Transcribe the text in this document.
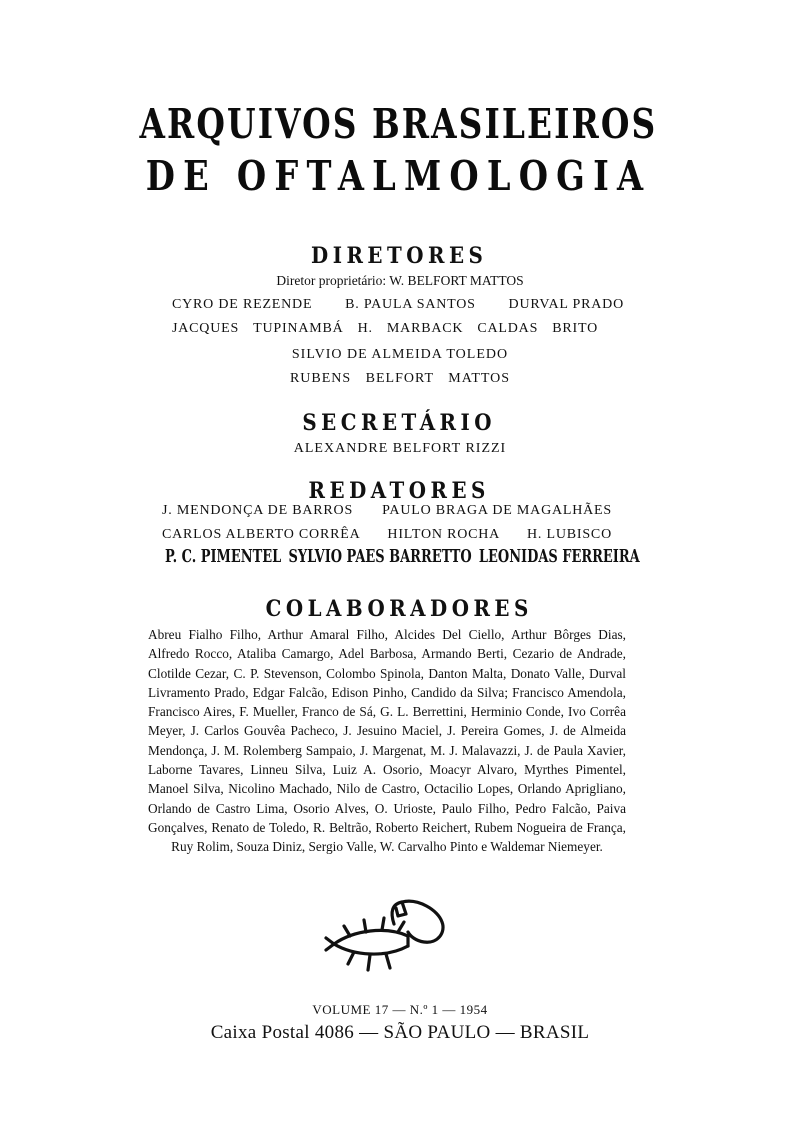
ARQUIVOS BRASILEIROS
DE OFTALMOLOGIA
DIRETORES
Diretor proprietário: W. BELFORT MATTOS
CYRO DE REZENDE B. PAULA SANTOS DURVAL PRADO
JACQUES TUPINAMBÁ H. MARBACK CALDAS BRITO
SILVIO DE ALMEIDA TOLEDO
RUBENS BELFORT MATTOS
SECRETÁRIO
ALEXANDRE BELFORT RIZZI
REDATORES
J. MENDONÇA DE BARROS PAULO BRAGA DE MAGALHÃES
CARLOS ALBERTO CORRÊA HILTON ROCHA H. LUBISCO
P. C. PIMENTEL SYLVIO PAES BARRETTO LEONIDAS FERREIRA
COLABORADORES
Abreu Fialho Filho, Arthur Amaral Filho, Alcides Del Ciello, Arthur Bôrges Dias, Alfredo Rocco, Ataliba Camargo, Adel Barbosa, Armando Berti, Cezario de Andrade, Clotilde Cezar, C. P. Stevenson, Colombo Spinola, Danton Malta, Donato Valle, Durval Livramento Prado, Edgar Falcão, Edison Pinho, Candido da Silva; Francisco Amendola, Francisco Aires, F. Mueller, Franco de Sá, G. L. Berrettini, Herminio Conde, Ivo Corrêa Meyer, J. Carlos Gouvêa Pacheco, J. Jesuino Maciel, J. Pereira Gomes, J. de Almeida Mendonça, J. M. Rolemberg Sampaio, J. Margenat, M. J. Malavazzi, J. de Paula Xavier, Laborne Tavares, Linneu Silva, Luiz A. Osorio, Moacyr Alvaro, Myrthes Pimentel, Manoel Silva, Nicolino Machado, Nilo de Castro, Octacilio Lopes, Orlando Aprigliano, Orlando de Castro Lima, Osorio Alves, O. Urioste, Paulo Filho, Pedro Falcão, Paiva Gonçalves, Renato de Toledo, R. Beltrão, Roberto Reichert, Rubem Nogueira de França, Ruy Rolim, Souza Diniz, Sergio Valle, W. Carvalho Pinto e Waldemar Niemeyer.
VOLUME 17 — N.º 1 — 1954
Caixa Postal 4086 — SÃO PAULO — BRASIL
